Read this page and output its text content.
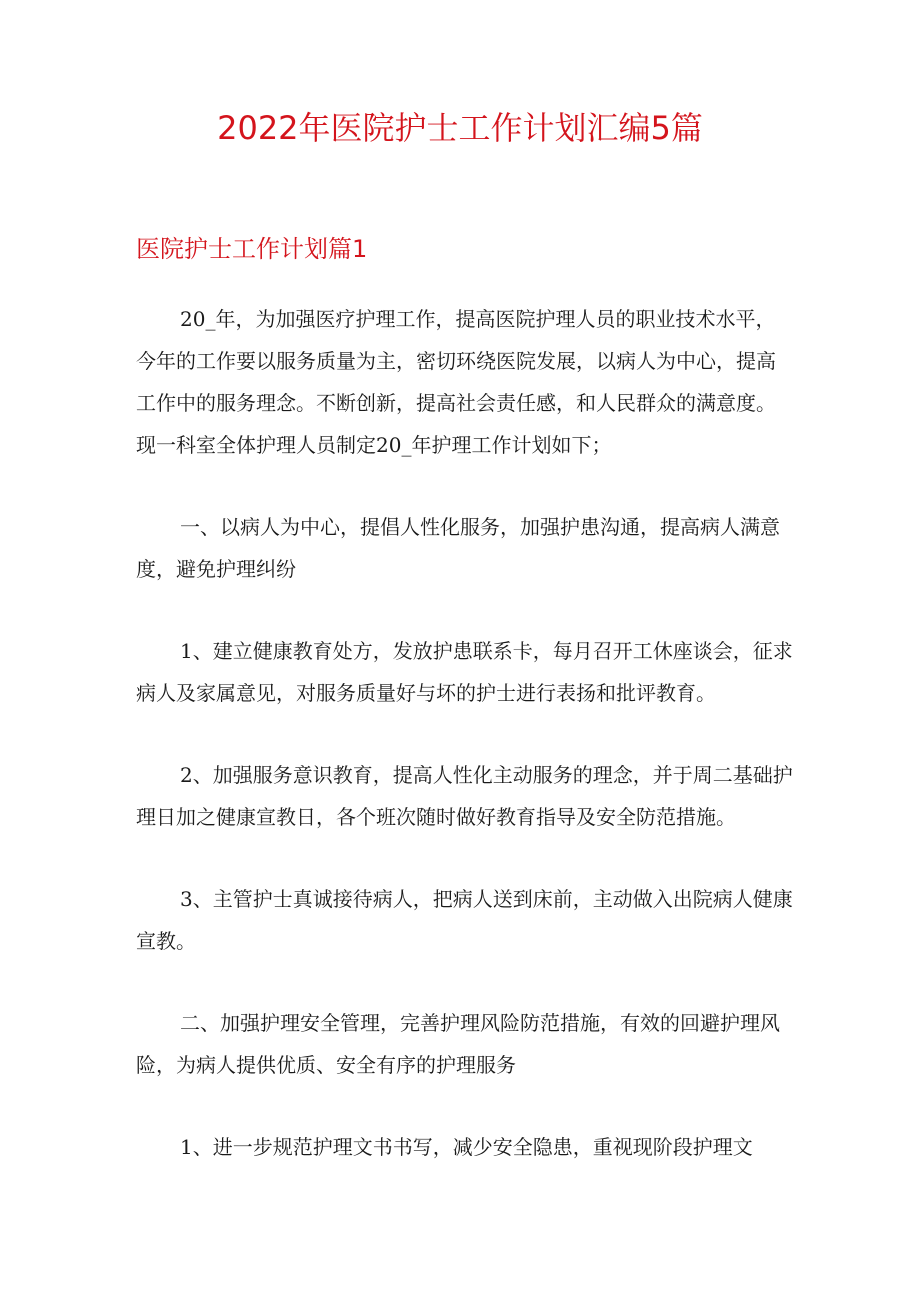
2022年医院护士工作计划汇编5篇
医院护士工作计划篇1

20_年，为加强医疗护理工作，提高医院护理人员的职业技术水平，今年的工作要以服务质量为主，密切环绕医院发展，以病人为中心，提高工作中的服务理念。不断创新，提高社会责任感，和人民群众的满意度。现一科室全体护理人员制定20_年护理工作计划如下；

一、以病人为中心，提倡人性化服务，加强护患沟通，提高病人满意度，避免护理纠纷

1、建立健康教育处方，发放护患联系卡，每月召开工休座谈会，征求病人及家属意见，对服务质量好与坏的护士进行表扬和批评教育。

2、加强服务意识教育，提高人性化主动服务的理念，并于周二基础护理日加之健康宣教日，各个班次随时做好教育指导及安全防范措施。

3、主管护士真诚接待病人，把病人送到床前，主动做入出院病人健康宣教。

二、加强护理安全管理，完善护理风险防范措施，有效的回避护理风险，为病人提供优质、安全有序的护理服务

1、进一步规范护理文书书写，减少安全隐患，重视现阶段护理文
